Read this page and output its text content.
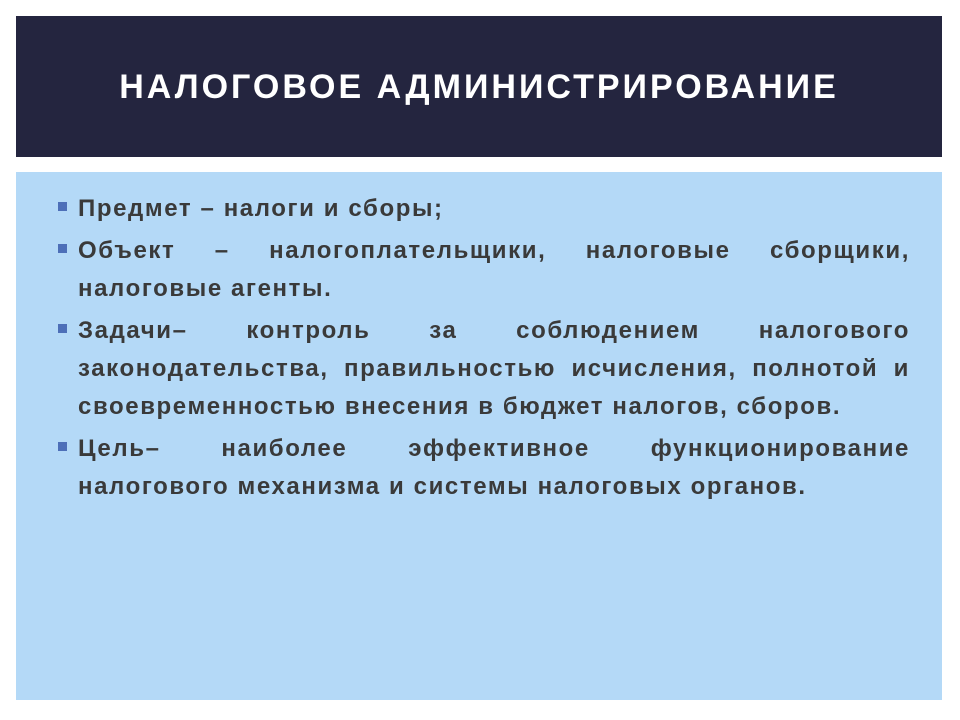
НАЛОГОВОЕ АДМИНИСТРИРОВАНИЕ
Предмет – налоги и сборы;
Объект – налогоплательщики, налоговые сборщики, налоговые агенты.
Задачи– контроль за соблюдением налогового законодательства, правильностью исчисления, полнотой и своевременностью внесения в бюджет налогов, сборов.
Цель– наиболее эффективное функционирование налогового механизма и системы налоговых органов.
